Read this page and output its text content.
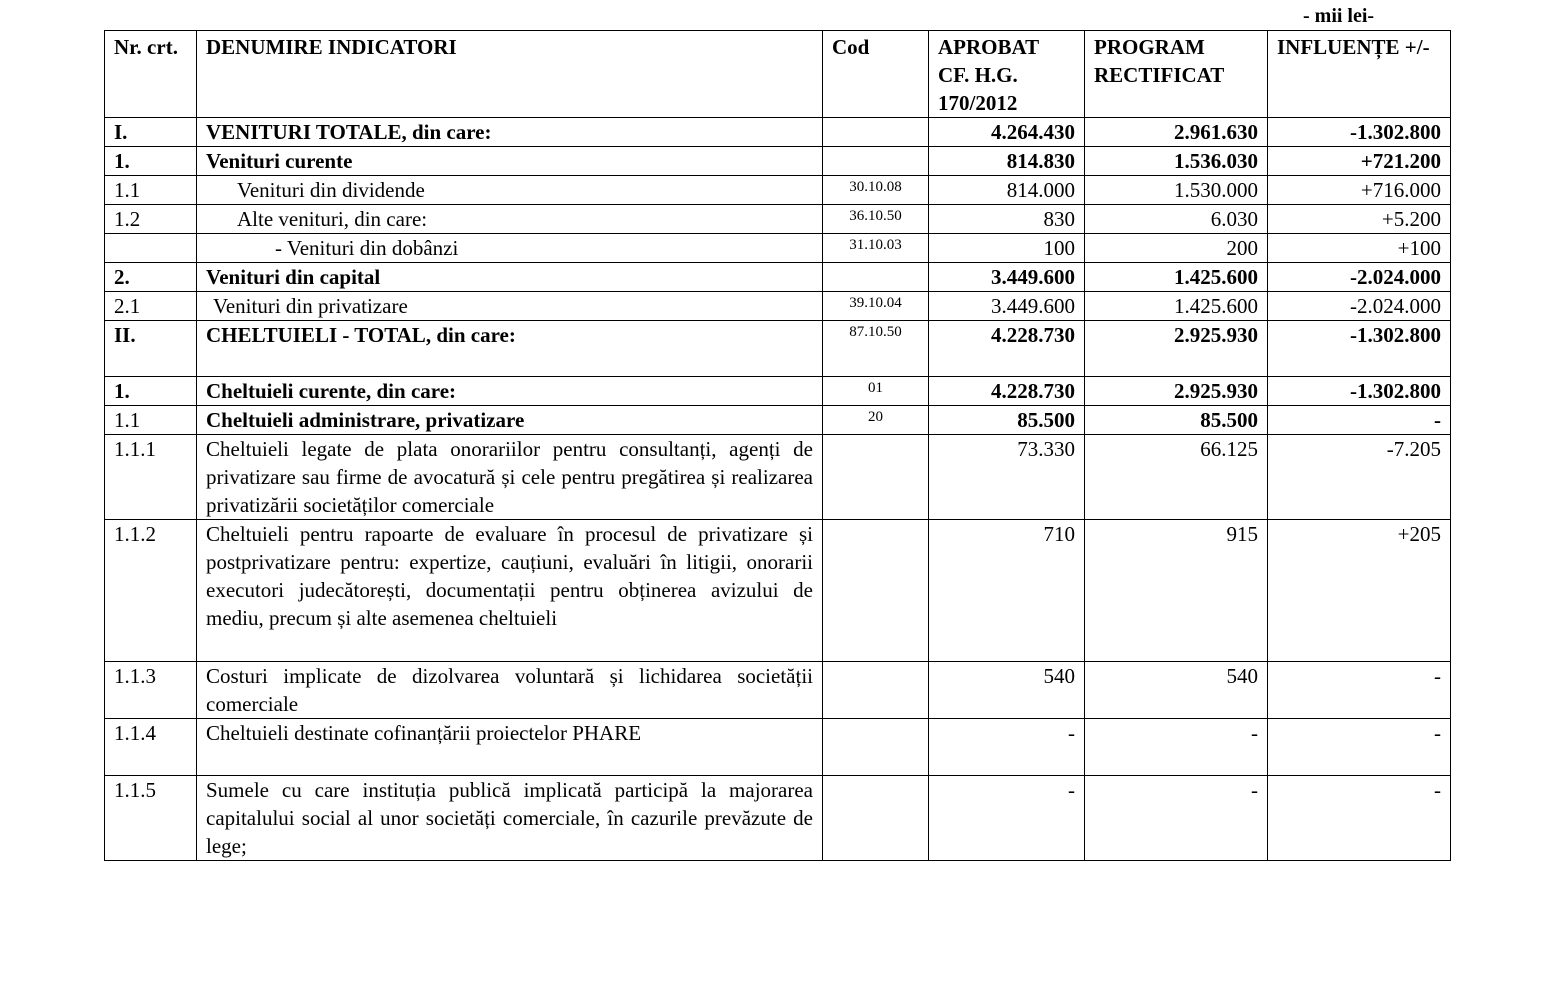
- mii lei-
Nr. crt.	DENUMIRE INDICATORI	Cod	APROBAT CF. H.G. 170/2012	PROGRAM RECTIFICAT	INFLUENȚE +/-
I.	VENITURI TOTALE, din care:		4.264.430	2.961.630	-1.302.800
1.	Venituri curente		814.830	1.536.030	+721.200
1.1	Venituri din dividende	30.10.08	814.000	1.530.000	+716.000
1.2	Alte venituri, din care:	36.10.50	830	6.030	+5.200
	- Venituri din dobânzi	31.10.03	100	200	+100
2.	Venituri din capital		3.449.600	1.425.600	-2.024.000
2.1	Venituri din privatizare	39.10.04	3.449.600	1.425.600	-2.024.000
II.	CHELTUIELI - TOTAL, din care:	87.10.50	4.228.730	2.925.930	-1.302.800
1.	Cheltuieli curente, din care:	01	4.228.730	2.925.930	-1.302.800
1.1	Cheltuieli administrare, privatizare	20	85.500	85.500	-
1.1.1	Cheltuieli legate de plata onorariilor pentru consultanți, agenți de privatizare sau firme de avocatură și cele pentru pregătirea și realizarea privatizării societăților comerciale		73.330	66.125	-7.205
1.1.2	Cheltuieli pentru rapoarte de evaluare în procesul de privatizare și postprivatizare pentru: expertize, cauțiuni, evaluări în litigii, onorarii executori judecătorești, documentații pentru obținerea avizului de mediu, precum și alte asemenea cheltuieli		710	915	+205
1.1.3	Costuri implicate de dizolvarea voluntară și lichidarea societății comerciale		540	540	-
1.1.4	Cheltuieli destinate cofinanțării proiectelor PHARE		-	-	-
1.1.5	Sumele cu care instituția publică implicată participă la majorarea capitalului social al unor societăți comerciale, în cazurile prevăzute de lege;		-	-	-
